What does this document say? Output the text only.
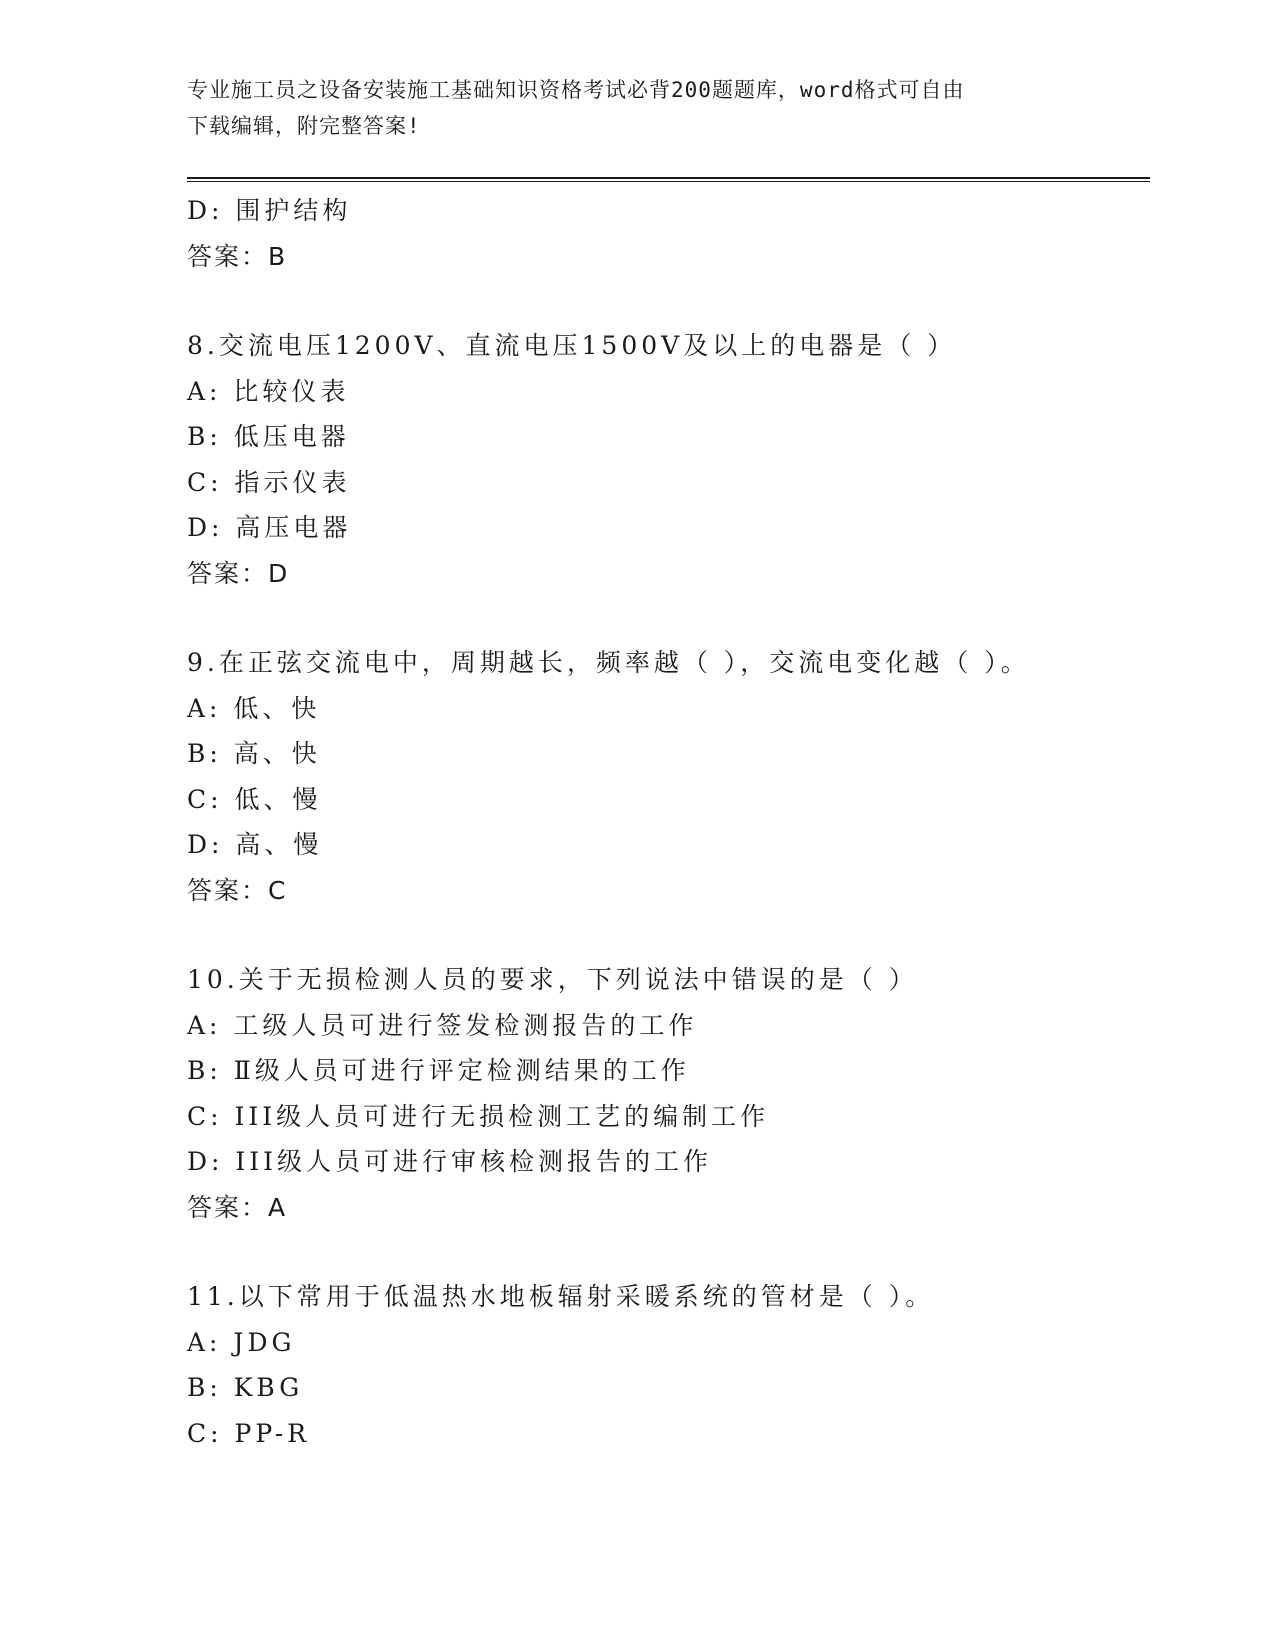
专业施工员之设备安装施工基础知识资格考试必背200题题库，word格式可自由
下载编辑，附完整答案!
D: 围护结构
答案：B
8.交流电压1200V、直流电压1500V及以上的电器是（ ）
A: 比较仪表
B: 低压电器
C: 指示仪表
D: 高压电器
答案：D
9.在正弦交流电中，周期越长，频率越（ ），交流电变化越（ ）。
A: 低、快
B: 高、快
C: 低、慢
D: 高、慢
答案：C
10.关于无损检测人员的要求，下列说法中错误的是（ ）
A: 工级人员可进行签发检测报告的工作
B: Ⅱ级人员可进行评定检测结果的工作
C: III级人员可进行无损检测工艺的编制工作
D: III级人员可进行审核检测报告的工作
答案：A
11.以下常用于低温热水地板辐射采暖系统的管材是（ ）。
A: JDG
B: KBG
C: PP-R
